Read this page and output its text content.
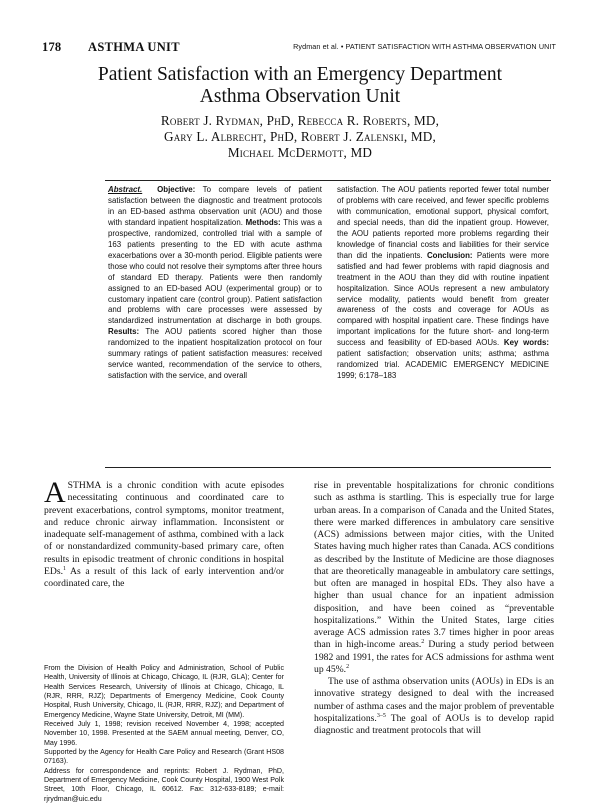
178 ASTHMA UNIT	Rydman et al. • PATIENT SATISFACTION WITH ASTHMA OBSERVATION UNIT
Patient Satisfaction with an Emergency Department
Asthma Observation Unit
Robert J. Rydman, PhD, Rebecca R. Roberts, MD,
Gary L. Albrecht, PhD, Robert J. Zalenski, MD,
Michael McDermott, MD
Abstract. Objective: To compare levels of patient satisfaction between the diagnostic and treatment protocols in an ED-based asthma observation unit (AOU) and those with standard inpatient hospitalization. Methods: This was a prospective, randomized, controlled trial with a sample of 163 patients presenting to the ED with acute asthma exacerbations over a 30-month period. Eligible patients were those who could not resolve their symptoms after three hours of standard ED therapy. Patients were then randomly assigned to an ED-based AOU (experimental group) or to customary inpatient care (control group). Patient satisfaction and problems with care processes were assessed by standardized instrumentation at discharge in both groups. Results: The AOU patients scored higher than those randomized to the inpatient hospitalization protocol on four summary ratings of patient satisfaction measures: received service wanted, recommendation of the service to others, satisfaction with the service, and overall
satisfaction. The AOU patients reported fewer total number of problems with care received, and fewer specific problems with communication, emotional support, physical comfort, and special needs, than did the inpatient group. However, the AOU patients reported more problems regarding their knowledge of financial costs and liabilities for their service than did the inpatients. Conclusion: Patients were more satisfied and had fewer problems with rapid diagnosis and treatment in the AOU than they did with routine inpatient hospitalization. Since AOUs represent a new ambulatory service modality, patients would benefit from greater awareness of the costs and coverage for AOUs as compared with hospital inpatient care. These findings have important implications for the future short- and long-term success and feasibility of ED-based AOUs. Key words: patient satisfaction; observation units; asthma; asthma randomized trial. ACADEMIC EMERGENCY MEDICINE 1999; 6:178–183

ASTHMA is a chronic condition with acute episodes necessitating continuous and coordinated care to prevent exacerbations, control symptoms, monitor treatment, and reduce chronic airway inflammation. Inconsistent or inadequate self-management of asthma, combined with a lack of or nonstandardized community-based primary care, often results in episodic treatment of chronic conditions in hospital EDs.$^1$ As a result of this lack of early intervention and/or coordinated care, the

rise in preventable hospitalizations for chronic conditions such as asthma is startling. This is especially true for large urban areas. In a comparison of Canada and the United States, there were marked differences in ambulatory care sensitive (ACS) admissions between major cities, with the United States having much higher rates than Canada. ACS conditions as described by the Institute of Medicine are those diagnoses that are theoretically manageable in ambulatory care settings, but often are managed in hospital EDs. They also have a higher than usual chance for an inpatient admission disposition, and have been coined as “preventable hospitalizations.” Within the United States, large cities average ACS admission rates 3.7 times higher in poor areas than in high-income areas.$^2$ During a study period between 1982 and 1991, the rates for ACS admissions for asthma went up 45%.$^2$

The use of asthma observation units (AOUs) in EDs is an innovative strategy designed to deal with the increased number of asthma cases and the major problem of preventable hospitalizations.$^{3-5}$ The goal of AOUs is to develop rapid diagnostic and treatment protocols that will

From the Division of Health Policy and Administration, School of Public Health, University of Illinois at Chicago, Chicago, IL (RJR, GLA); Center for Health Services Research, University of Illinois at Chicago, Chicago, IL (RJR, RRR, RJZ); Departments of Emergency Medicine, Cook County Hospital, Rush University, Chicago, IL (RJR, RRR, RJZ); and Department of Emergency Medicine, Wayne State University, Detroit, MI (MM).

Received July 1, 1998; revision received November 4, 1998; accepted November 10, 1998. Presented at the SAEM annual meeting, Denver, CO, May 1996.

Supported by the Agency for Health Care Policy and Research (Grant HS08 07163).

Address for correspondence and reprints: Robert J. Rydman, PhD, Department of Emergency Medicine, Cook County Hospital, 1900 West Polk Street, 10th Floor, Chicago, IL 60612. Fax: 312-633-8189; e-mail: rjrydman@uic.edu
